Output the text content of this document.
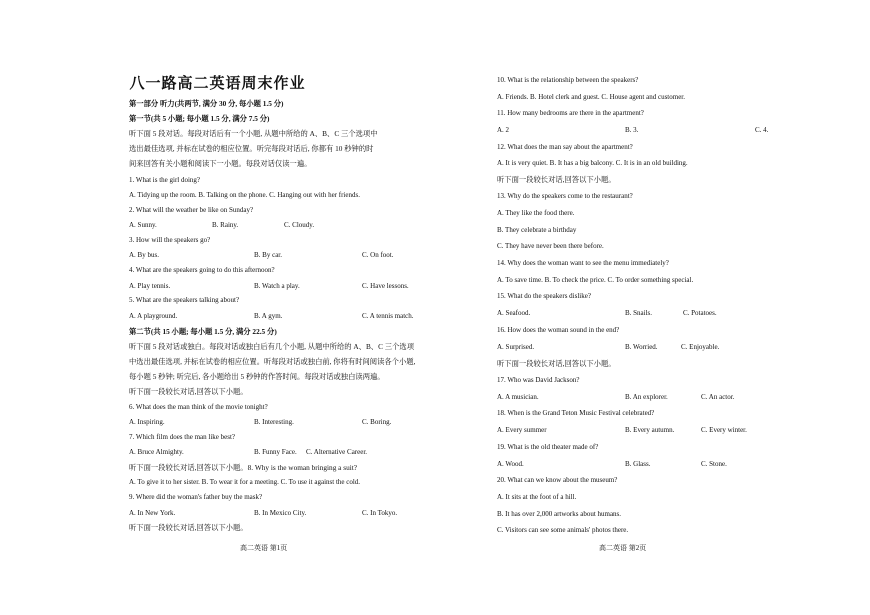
八一路高二英语周末作业
第一部分 听力(共两节, 满分 30 分, 每小题 1.5 分)
第一节(共 5 小题; 每小题 1.5 分, 满分 7.5 分)
听下面 5 段对话。每段对话后有一个小题, 从题中所给的 A、B、C 三个选项中
选出最佳选项, 并标在试卷的相应位置。听完每段对话后, 你都有 10 秒钟的时
间来回答有关小题和阅读下一小题。每段对话仅读一遍。
1. What is the girl doing?
A. Tidying up the room. B. Talking on the phone. C. Hanging out with her friends.
2. What will the weather be like on Sunday?
A. Sunny.	B. Rainy.	C. Cloudy.
3. How will the speakers go?
A. By bus.	B. By car.	C. On foot.
4. What are the speakers going to do this afternoon?
A. Play tennis.	B. Watch a play.	C. Have lessons.
5. What are the speakers talking about?
A. A playground.	B. A gym.	C. A tennis match.
第二节(共 15 小题; 每小题 1.5 分, 满分 22.5 分)
听下面 5 段对话或独白。每段对话或独白后有几个小题, 从题中所给的 A、B、C 三个选项
中选出最佳选项, 并标在试卷的相应位置。听每段对话或独白前, 你将有时间阅读各个小题,
每小题 5 秒钟; 听完后, 各小题给出 5 秒钟的作答时间。每段对话或独白读两遍。
听下面一段较长对话,回答以下小题。
6. What does the man think of the movie tonight?
A. Inspiring.	B. Interesting.	C. Boring.
7. Which film does the man like best?
A. Bruce Almighty.	B. Funny Face. C. Alternative Career.
听下面一段较长对话,回答以下小题。8. Why is the woman bringing a suit?
A. To give it to her sister. B. To wear it for a meeting. C. To use it against the cold.
9. Where did the woman's father buy the mask?
A. In New York.	B. In Mexico City.	C. In Tokyo.
听下面一段较长对话,回答以下小题。
高二英语 第1页
10. What is the relationship between the speakers?
A. Friends. B. Hotel clerk and guest. C. House agent and customer.
11. How many bedrooms are there in the apartment?
A. 2	B. 3.	C. 4.
12. What does the man say about the apartment?
A. It is very quiet. B. It has a big balcony. C. It is in an old building.
听下面一段较长对话,回答以下小题。
13. Why do the speakers come to the restaurant?
A. They like the food there.
B. They celebrate a birthday
C. They have never been there before.
14. Why does the woman want to see the menu immediately?
A. To save time. B. To check the price. C. To order something special.
15. What do the speakers dislike?
A. Seafood.	B. Snails.	C. Potatoes.
16. How does the woman sound in the end?
A. Surprised.	B. Worried.	C. Enjoyable.
听下面一段较长对话,回答以下小题。
17. Who was David Jackson?
A. A musician.	B. An explorer.	C. An actor.
18. When is the Grand Teton Music Festival celebrated?
A. Every summer	B. Every autumn.	C. Every winter.
19. What is the old theater made of?
A. Wood.	B. Glass.	C. Stone.
20. What can we know about the museum?
A. It sits at the foot of a hill.
B. It has over 2,000 artworks about humans.
C. Visitors can see some animals' photos there.
高二英语 第2页
